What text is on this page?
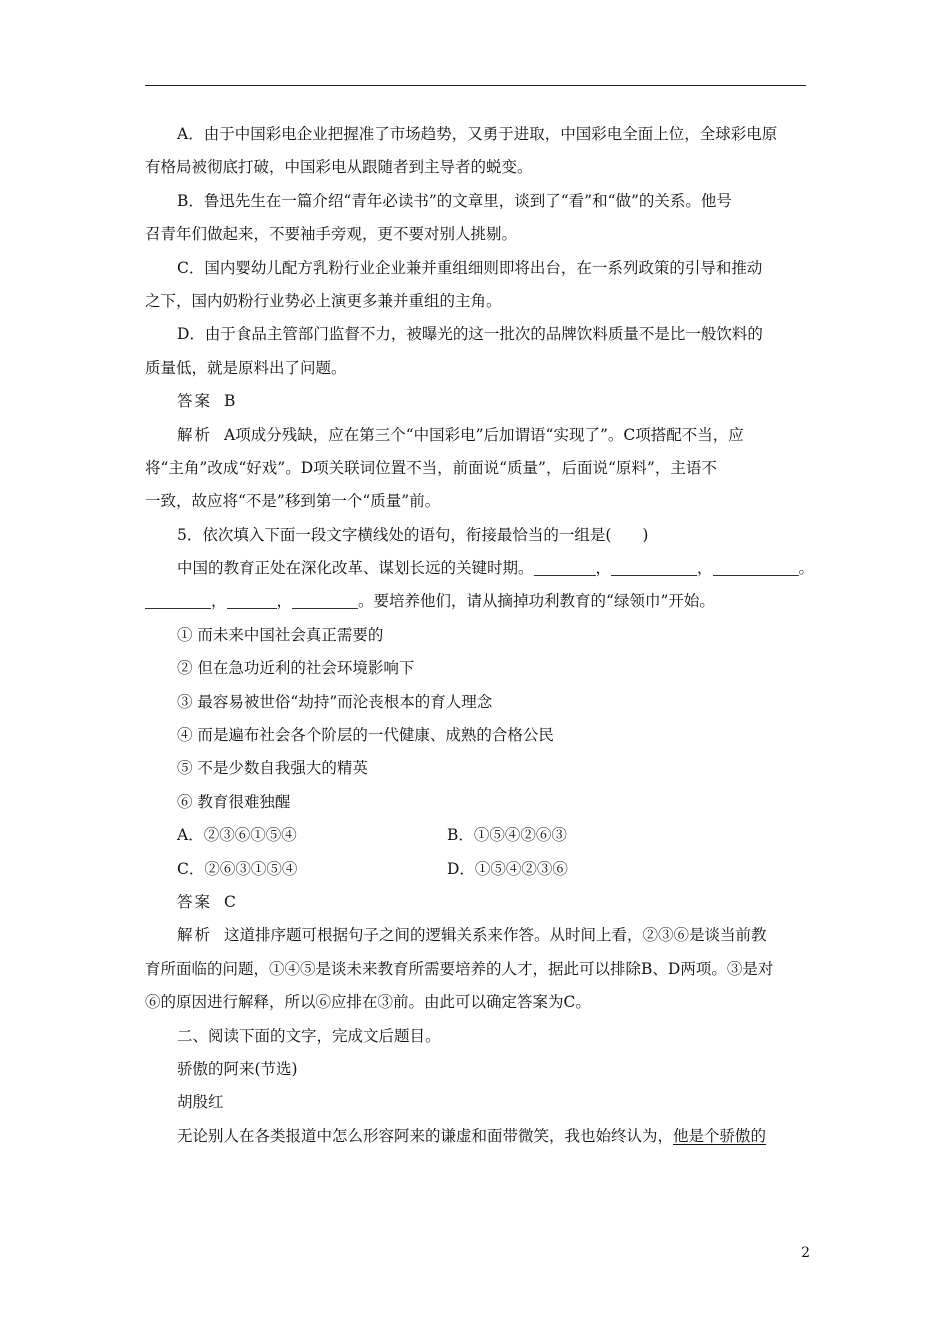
A．由于中国彩电企业把握准了市场趋势，又勇于进取，中国彩电全面上位，全球彩电原
有格局被彻底打破，中国彩电从跟随者到主导者的蜕变。
B．鲁迅先生在一篇介绍“青年必读书”的文章里，谈到了“看”和“做”的关系。他号
召青年们做起来，不要袖手旁观，更不要对别人挑剔。
C．国内婴幼儿配方乳粉行业企业兼并重组细则即将出台，在一系列政策的引导和推动
之下，国内奶粉行业势必上演更多兼并重组的主角。
D．由于食品主管部门监督不力，被曝光的这一批次的品牌饮料质量不是比一般饮料的
质量低，就是原料出了问题。
答案 B
解析 A项成分残缺，应在第三个“中国彩电”后加谓语“实现了”。C项搭配不当，应
将“主角”改成“好戏”。D项关联词位置不当，前面说“质量”，后面说“原料”，主语不
一致，故应将“不是”移到第一个“质量”前。
5．依次填入下面一段文字横线处的语句，衔接最恰当的一组是(　　)
中国的教育正处在深化改革、谋划长远的关键时期。	，	，	。
，	，	。要培养他们，请从摘掉功利教育的“绿领巾”开始。
① 而未来中国社会真正需要的
② 但在急功近利的社会环境影响下
③ 最容易被世俗“劫持”而沦丧根本的育人理念
④ 而是遍布社会各个阶层的一代健康、成熟的合格公民
⑤ 不是少数自我强大的精英
⑥ 教育很难独醒
A．②③⑥①⑤④	B．①⑤④②⑥③
C．②⑥③①⑤④	D．①⑤④②③⑥
答案 C
解析 这道排序题可根据句子之间的逻辑关系来作答。从时间上看，②③⑥是谈当前教
育所面临的问题，①④⑤是谈未来教育所需要培养的人才，据此可以排除B、D两项。③是对
⑥的原因进行解释，所以⑥应排在③前。由此可以确定答案为C。
二、阅读下面的文字，完成文后题目。
骄傲的阿来(节选)
胡殷红
无论别人在各类报道中怎么形容阿来的谦虚和面带微笑，我也始终认为，他是个骄傲的
2
